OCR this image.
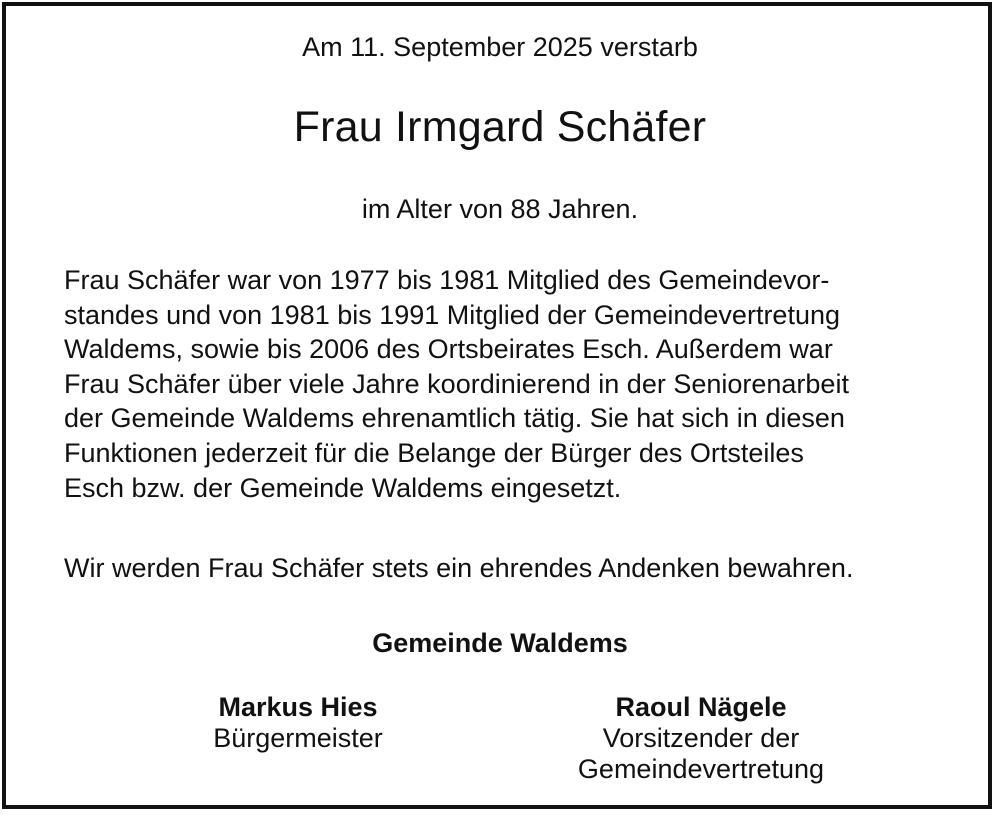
Am 11. September 2025 verstarb
Frau Irmgard Schäfer
im Alter von 88 Jahren.
Frau Schäfer war von 1977 bis 1981 Mitglied des Gemeindevor-
standes und von 1981 bis 1991 Mitglied der Gemeindevertretung
Waldems, sowie bis 2006 des Ortsbeirates Esch. Außerdem war
Frau Schäfer über viele Jahre koordinierend in der Seniorenarbeit
der Gemeinde Waldems ehrenamtlich tätig. Sie hat sich in diesen
Funktionen jederzeit für die Belange der Bürger des Ortsteiles
Esch bzw. der Gemeinde Waldems eingesetzt.
Wir werden Frau Schäfer stets ein ehrendes Andenken bewahren.
Gemeinde Waldems
Markus Hies
Bürgermeister
Raoul Nägele
Vorsitzender der
Gemeindevertretung
